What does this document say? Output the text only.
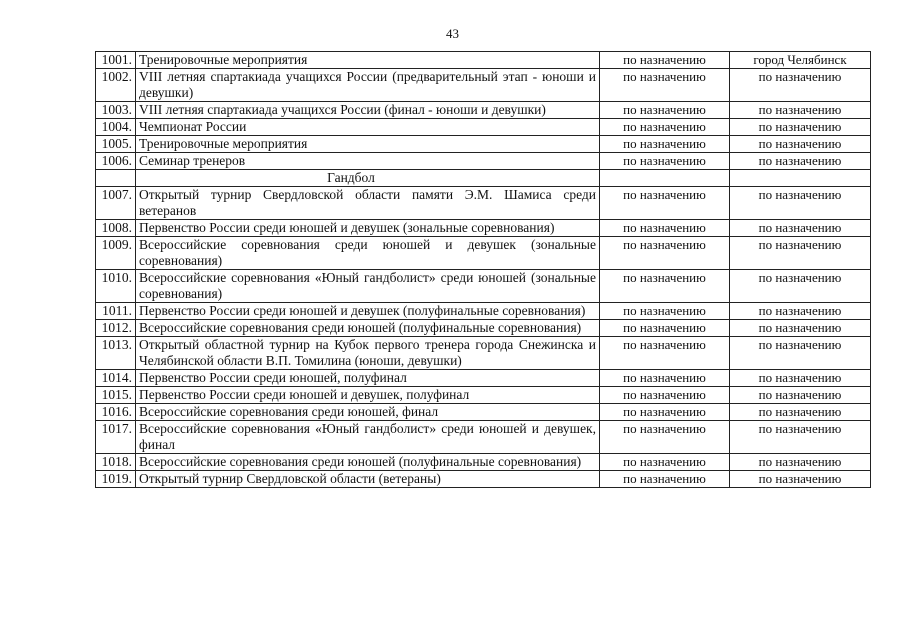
43
1001.	Тренировочные мероприятия	по назначению	город Челябинск
1002.	VIII летняя спартакиада учащихся России (предварительный этап - юноши и девушки)	по назначению	по назначению
1003.	VIII летняя спартакиада учащихся России (финал - юноши и девушки)	по назначению	по назначению
1004.	Чемпионат России	по назначению	по назначению
1005.	Тренировочные мероприятия	по назначению	по назначению
1006.	Семинар тренеров	по назначению	по назначению
	Гандбол		
1007.	Открытый турнир Свердловской области памяти Э.М. Шамиса среди ветеранов	по назначению	по назначению
1008.	Первенство России среди юношей и девушек (зональные соревнования)	по назначению	по назначению
1009.	Всероссийские соревнования среди юношей и девушек (зональные соревнования)	по назначению	по назначению
1010.	Всероссийские соревнования «Юный гандболист» среди юношей (зональные соревнования)	по назначению	по назначению
1011.	Первенство России среди юношей и девушек (полуфинальные соревнования)	по назначению	по назначению
1012.	Всероссийские соревнования среди юношей (полуфинальные соревнования)	по назначению	по назначению
1013.	Открытый областной турнир на Кубок первого тренера города Снежинска и Челябинской области В.П. Томилина (юноши, девушки)	по назначению	по назначению
1014.	Первенство России среди юношей, полуфинал	по назначению	по назначению
1015.	Первенство России среди юношей и девушек, полуфинал	по назначению	по назначению
1016.	Всероссийские соревнования среди юношей, финал	по назначению	по назначению
1017.	Всероссийские соревнования «Юный гандболист» среди юношей и девушек, финал	по назначению	по назначению
1018.	Всероссийские соревнования среди юношей (полуфинальные соревнования)	по назначению	по назначению
1019.	Открытый турнир Свердловской области (ветераны)	по назначению	по назначению
